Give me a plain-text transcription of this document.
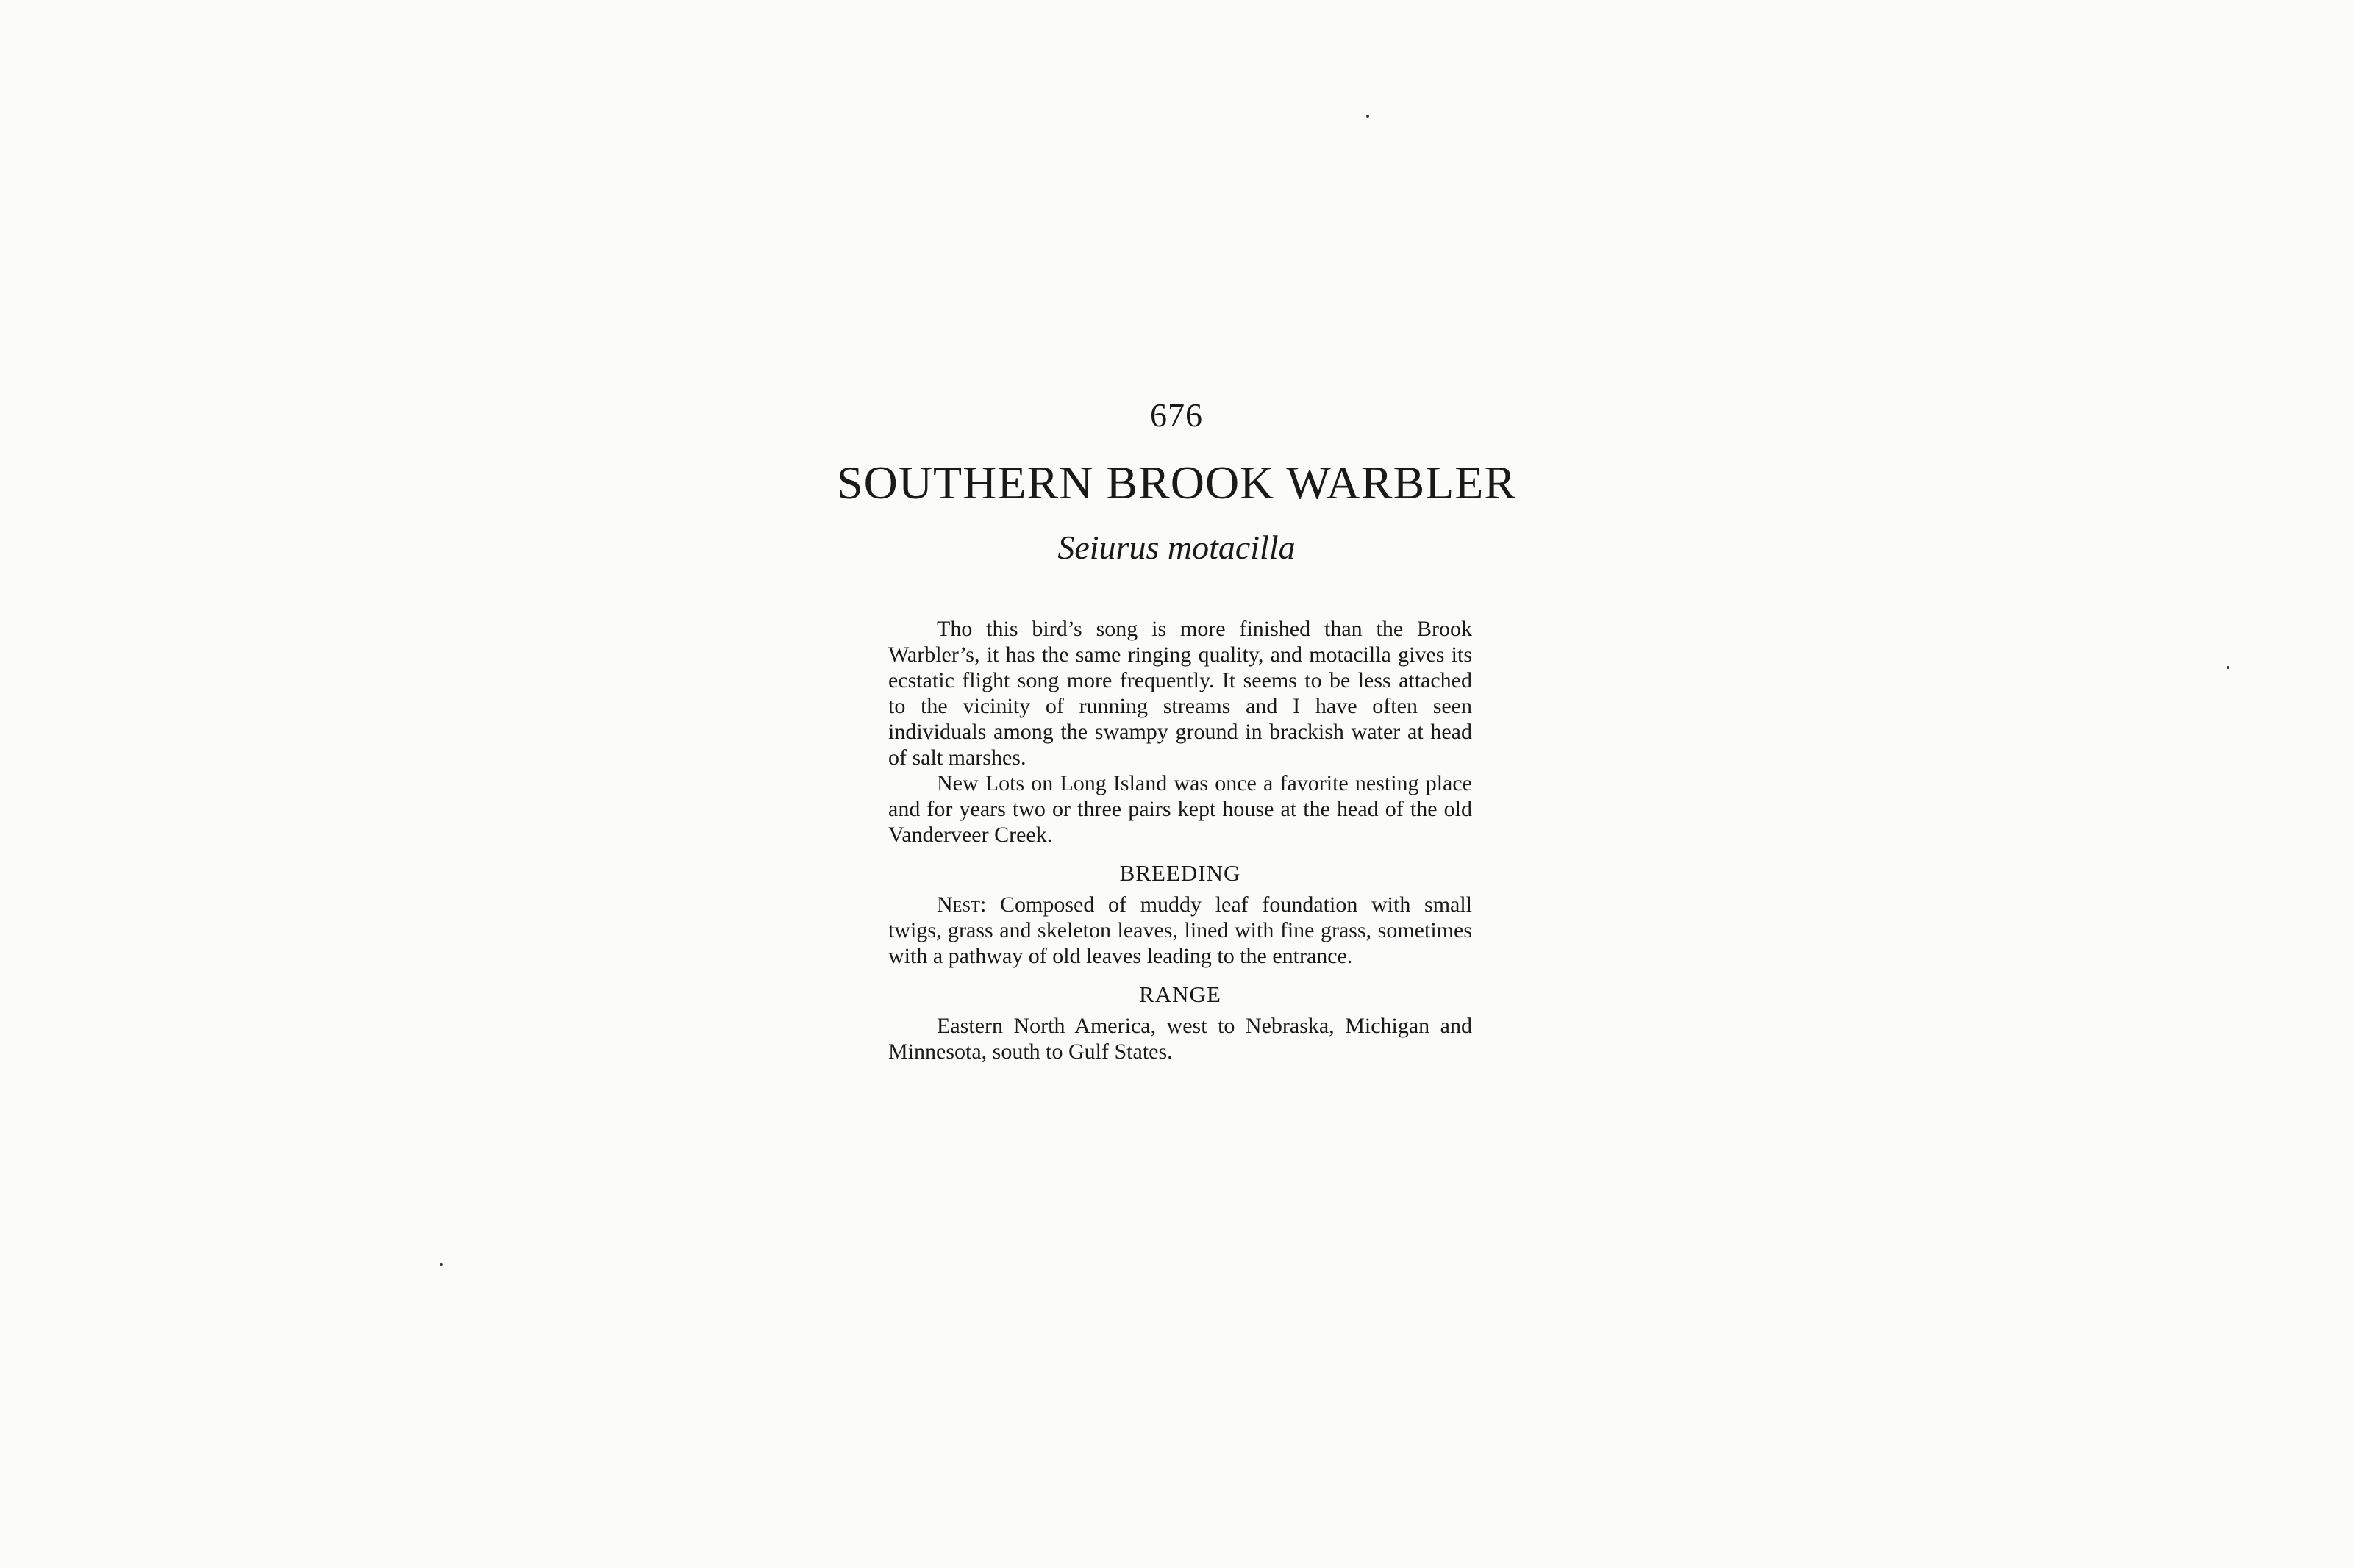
676
SOUTHERN BROOK WARBLER
Seiurus motacilla

Tho this bird’s song is more finished than the Brook Warbler’s, it has the same ringing quality, and motacilla gives its ecstatic flight song more frequently. It seems to be less attached to the vicinity of running streams and I have often seen individuals among the swampy ground in brackish water at head of salt marshes.

New Lots on Long Island was once a favorite nesting place and for years two or three pairs kept house at the head of the old Vanderveer Creek.

BREEDING

Nest: Composed of muddy leaf foundation with small twigs, grass and skeleton leaves, lined with fine grass, sometimes with a pathway of old leaves leading to the entrance.

RANGE

Eastern North America, west to Nebraska, Michigan and Minnesota, south to Gulf States.
